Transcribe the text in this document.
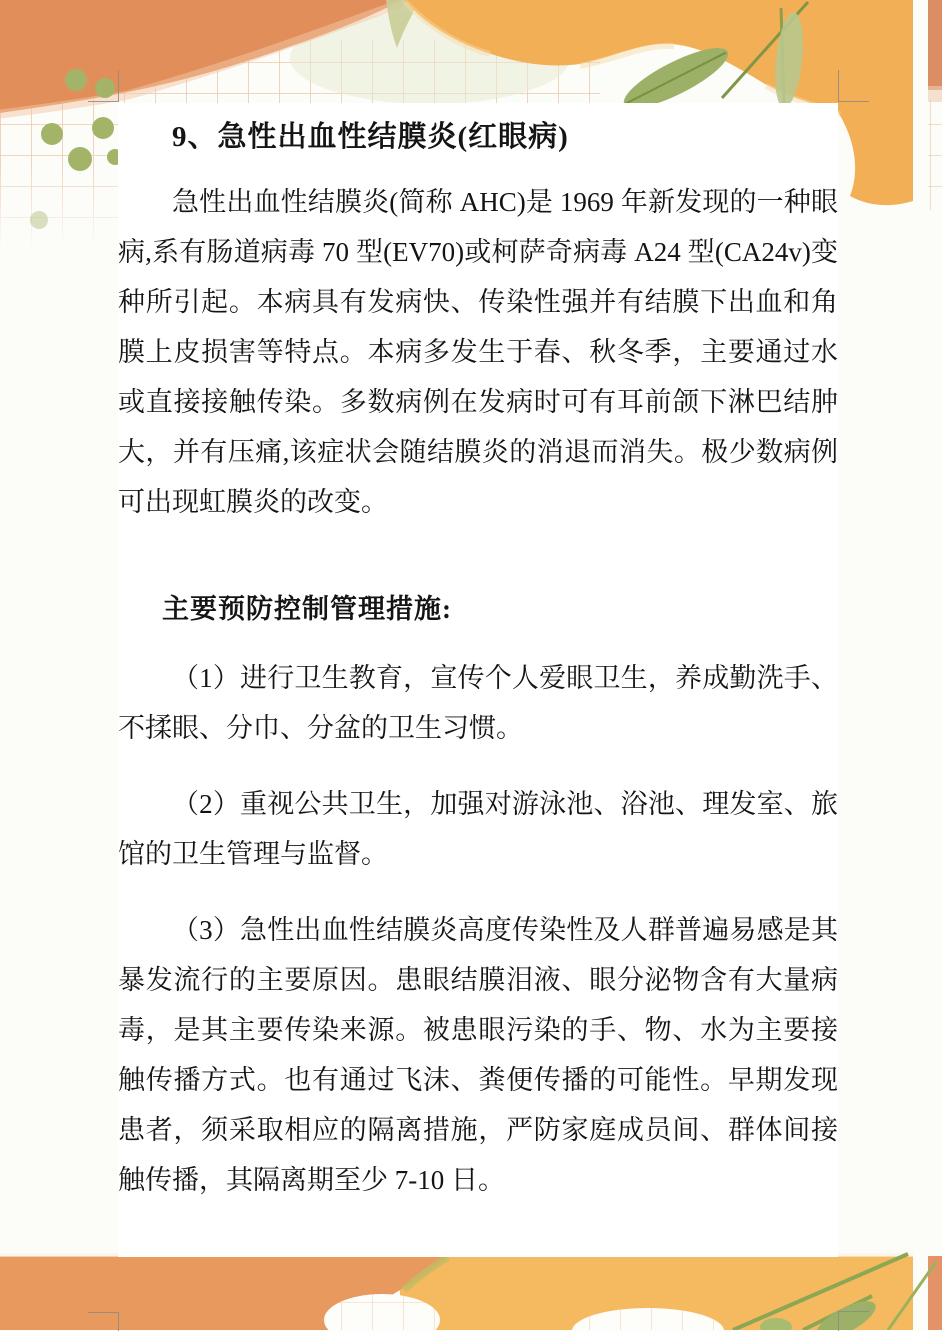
9、急性出血性结膜炎(红眼病)

急性出血性结膜炎(简称 AHC)是 1969 年新发现的一种眼病,系有肠道病毒 70 型(EV70)或柯萨奇病毒 A24 型(CA24v)变种所引起。本病具有发病快、传染性强并有结膜下出血和角膜上皮损害等特点。本病多发生于春、秋冬季，主要通过水或直接接触传染。多数病例在发病时可有耳前颌下淋巴结肿大，并有压痛,该症状会随结膜炎的消退而消失。极少数病例可出现虹膜炎的改变。

主要预防控制管理措施:

（1）进行卫生教育，宣传个人爱眼卫生，养成勤洗手、不揉眼、分巾、分盆的卫生习惯。

（2）重视公共卫生，加强对游泳池、浴池、理发室、旅馆的卫生管理与监督。

（3）急性出血性结膜炎高度传染性及人群普遍易感是其暴发流行的主要原因。患眼结膜泪液、眼分泌物含有大量病毒，是其主要传染来源。被患眼污染的手、物、水为主要接触传播方式。也有通过飞沫、粪便传播的可能性。早期发现患者，须采取相应的隔离措施，严防家庭成员间、群体间接触传播，其隔离期至少 7-10 日。
